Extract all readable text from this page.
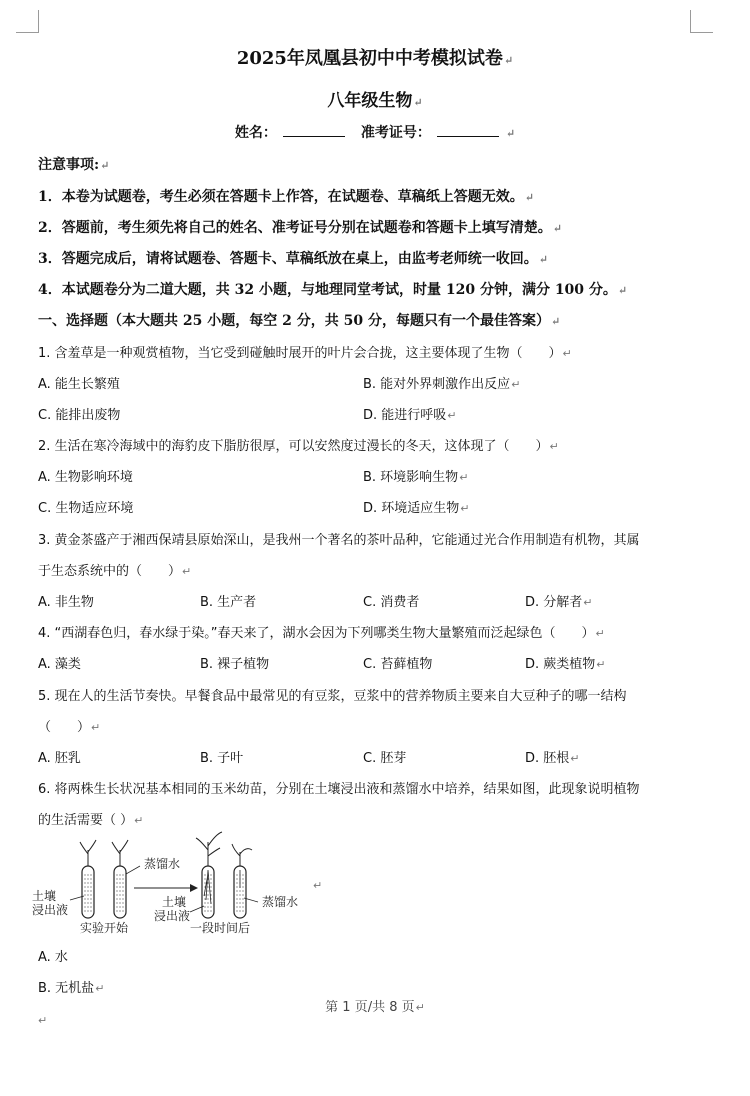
2025年凤凰县初中中考模拟试卷↵
八年级生物↵
姓名：	准考证号：	↵
注意事项:↵
1．本卷为试题卷，考生必须在答题卡上作答，在试题卷、草稿纸上答题无效。↵
2．答题前，考生须先将自己的姓名、准考证号分别在试题卷和答题卡上填写清楚。↵
3．答题完成后，请将试题卷、答题卡、草稿纸放在桌上，由监考老师统一收回。↵
4．本试题卷分为二道大题，共 32 小题，与地理同堂考试，时量 120 分钟，满分 100 分。↵
一、选择题（本大题共 25 小题，每空 2 分，共 50 分，每题只有一个最佳答案）↵
1. 含羞草是一种观赏植物，当它受到碰触时展开的叶片会合拢，这主要体现了生物（　　）↵
A. 能生长繁殖	B. 能对外界刺激作出反应↵
C. 能排出废物	D. 能进行呼吸↵
2. 生活在寒冷海域中的海豹皮下脂肪很厚，可以安然度过漫长的冬天，这体现了（　　）↵
A. 生物影响环境	B. 环境影响生物↵
C. 生物适应环境	D. 环境适应生物↵
3. 黄金茶盛产于湘西保靖县原始深山，是我州一个著名的茶叶品种，它能通过光合作用制造有机物，其属
于生态系统中的（　　）↵
A. 非生物	B. 生产者	C. 消费者	D. 分解者↵
4. “西湖春色归，春水绿于染。”春天来了，湖水会因为下列哪类生物大量繁殖而泛起绿色（　　）↵
A. 藻类	B. 裸子植物	C. 苔藓植物	D. 蕨类植物↵
5. 现在人的生活节奏快。早餐食品中最常见的有豆浆，豆浆中的营养物质主要来自大豆种子的哪一结构
（　　）↵
A. 胚乳	B. 子叶	C. 胚芽	D. 胚根↵
6. 将两株生长状况基本相同的玉米幼苗，分别在土壤浸出液和蒸馏水中培养，结果如图，此现象说明植物
的生活需要（ ）↵
土壤
浸出液
蒸馏水
实验开始
土壤
浸出液
一段时间后
蒸馏水
↵
A. 水
B. 无机盐↵
第 1 页/共 8 页↵
↵
